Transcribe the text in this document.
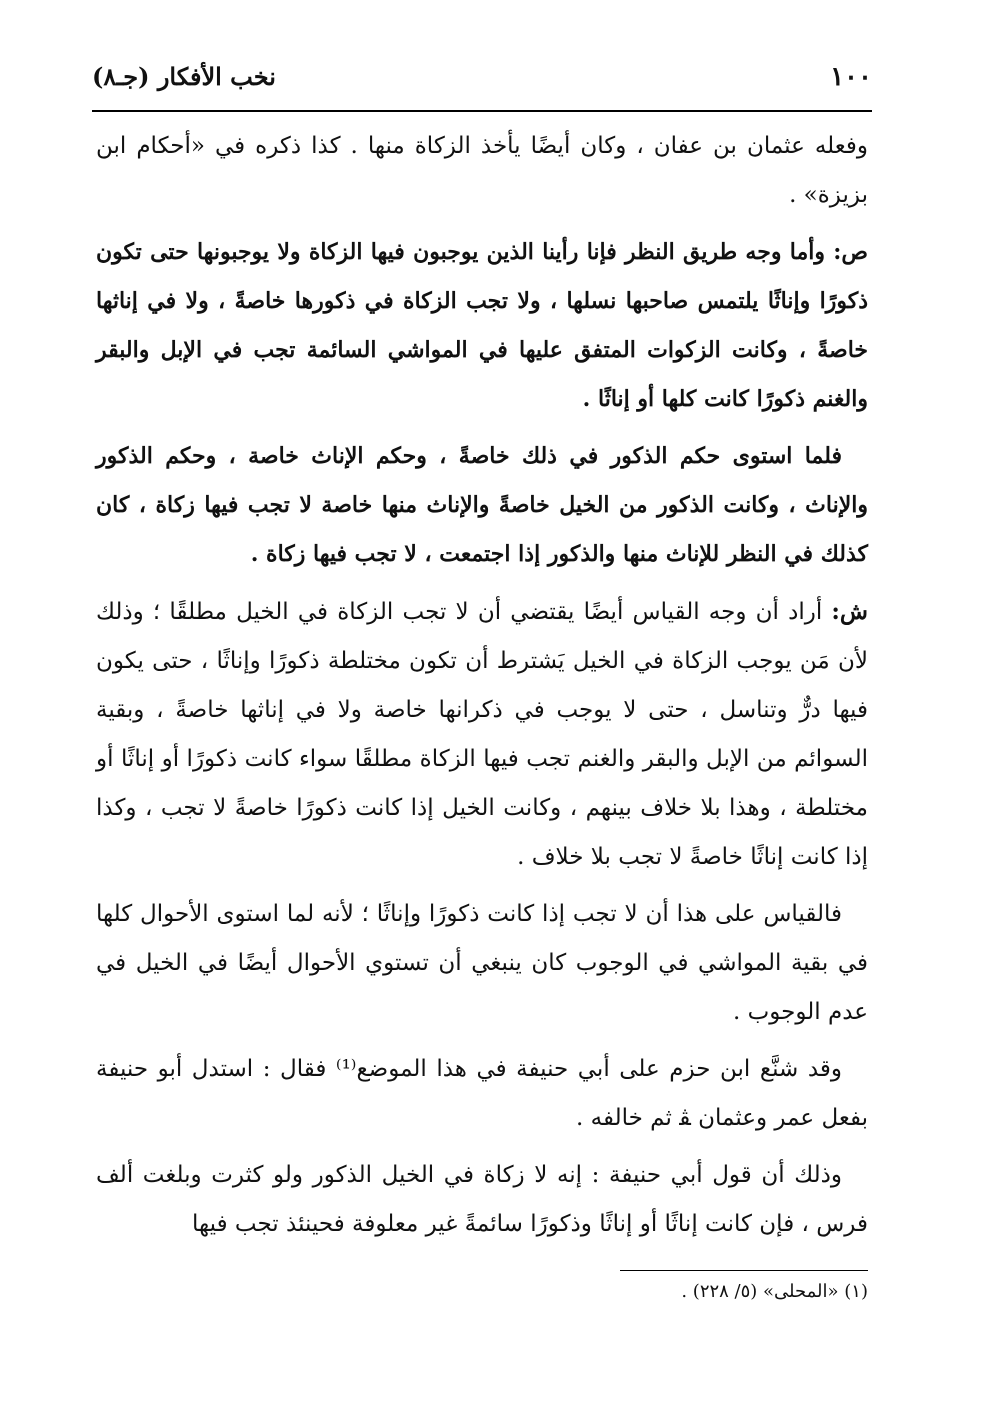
١٠٠
نخب الأفكار (جـ٨)

وفعله عثمان بن عفان ، وكان أيضًا يأخذ الزكاة منها . كذا ذكره في «أحكام ابن بزيزة» .

ص: وأما وجه طريق النظر فإنا رأينا الذين يوجبون فيها الزكاة ولا يوجبونها حتى تكون ذكورًا وإناثًا يلتمس صاحبها نسلها ، ولا تجب الزكاة في ذكورها خاصةً ، ولا في إناثها خاصةً ، وكانت الزكوات المتفق عليها في المواشي السائمة تجب في الإبل والبقر والغنم ذكورًا كانت كلها أو إناثًا .

فلما استوى حكم الذكور في ذلك خاصةً ، وحكم الإناث خاصة ، وحكم الذكور والإناث ، وكانت الذكور من الخيل خاصةً والإناث منها خاصة لا تجب فيها زكاة ، كان كذلك في النظر للإناث منها والذكور إذا اجتمعت ، لا تجب فيها زكاة .

ش: أراد أن وجه القياس أيضًا يقتضي أن لا تجب الزكاة في الخيل مطلقًا ؛ وذلك لأن مَن يوجب الزكاة في الخيل يَشترط أن تكون مختلطة ذكورًا وإناثًا ، حتى يكون فيها درٌّ وتناسل ، حتى لا يوجب في ذكرانها خاصة ولا في إناثها خاصةً ، وبقية السوائم من الإبل والبقر والغنم تجب فيها الزكاة مطلقًا سواء كانت ذكورًا أو إناثًا أو مختلطة ، وهذا بلا خلاف بينهم ، وكانت الخيل إذا كانت ذكورًا خاصةً لا تجب ، وكذا إذا كانت إناثًا خاصةً لا تجب بلا خلاف .

فالقياس على هذا أن لا تجب إذا كانت ذكورًا وإناثًا ؛ لأنه لما استوى الأحوال كلها في بقية المواشي في الوجوب كان ينبغي أن تستوي الأحوال أيضًا في الخيل في عدم الوجوب .

وقد شنَّع ابن حزم على أبي حنيفة في هذا الموضع⁽¹⁾ فقال : استدل أبو حنيفة بفعل عمر وعثمان ﭭ ثم خالفه .

وذلك أن قول أبي حنيفة : إنه لا زكاة في الخيل الذكور ولو كثرت وبلغت ألف فرس ، فإن كانت إناثًا أو إناثًا وذكورًا سائمةً غير معلوفة فحينئذ تجب فيها

(١) «المحلى» (٥/ ٢٢٨) .
